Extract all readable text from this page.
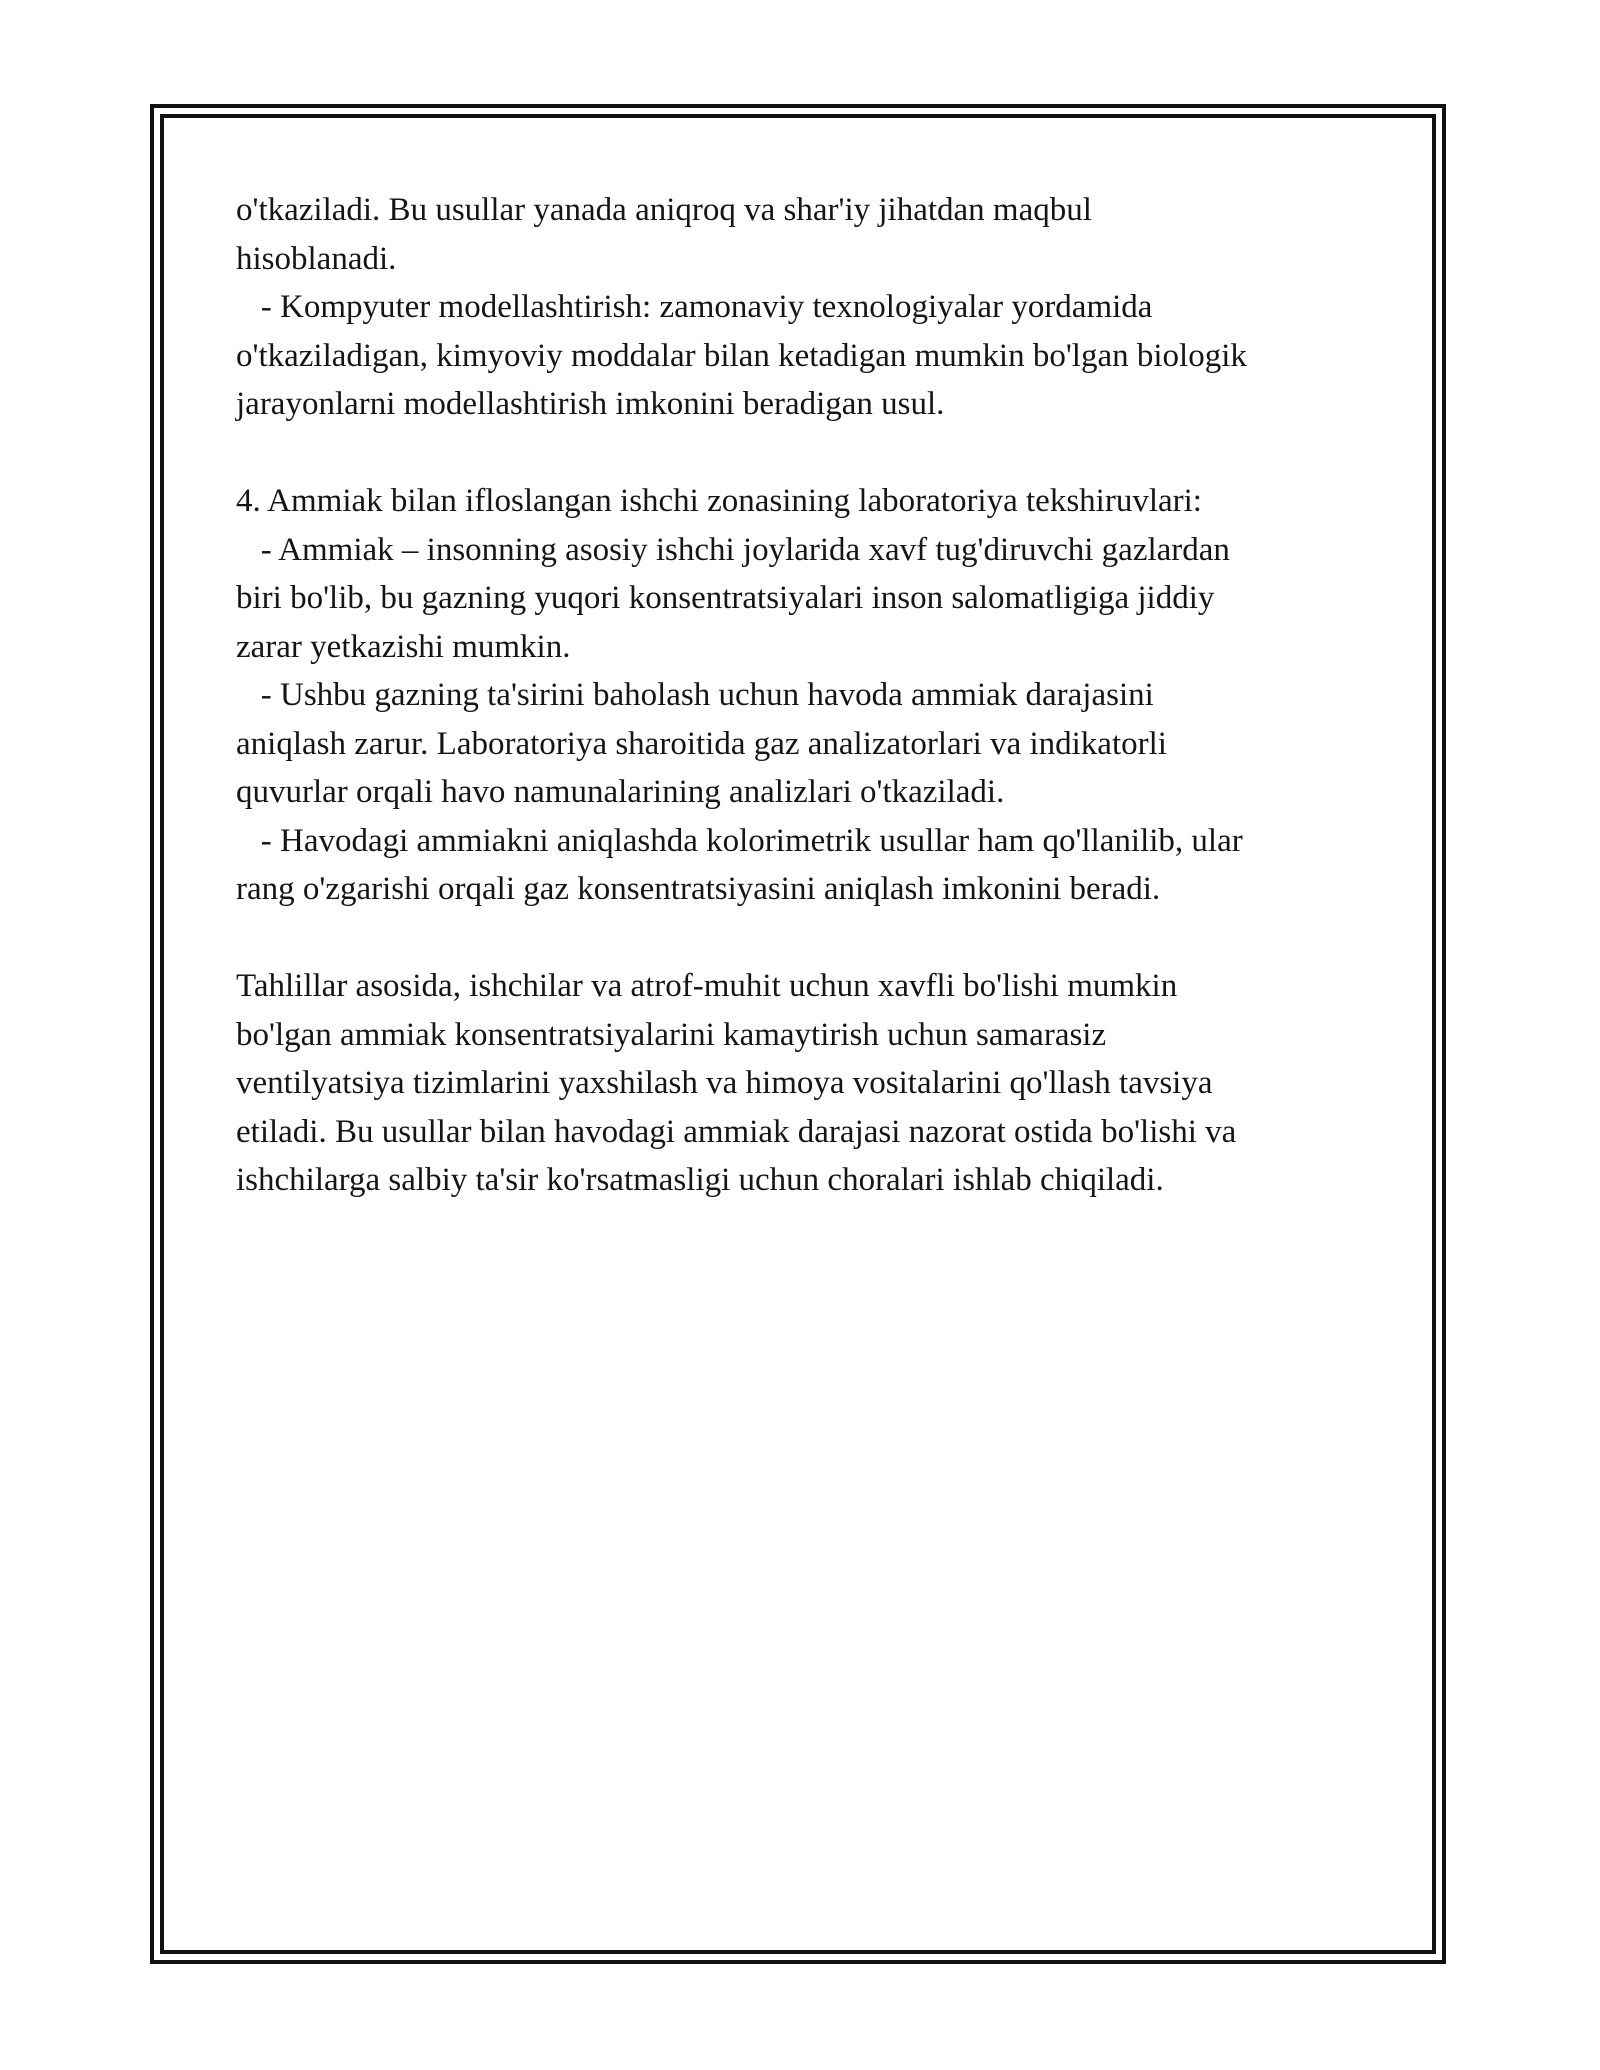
o'tkaziladi. Bu usullar yanada aniqroq va shar'iy jihatdan maqbul
hisoblanadi.
- Kompyuter modellashtirish: zamonaviy texnologiyalar yordamida
o'tkaziladigan, kimyoviy moddalar bilan ketadigan mumkin bo'lgan biologik
jarayonlarni modellashtirish imkonini beradigan usul.
4. Ammiak bilan ifloslangan ishchi zonasining laboratoriya tekshiruvlari:
- Ammiak – insonning asosiy ishchi joylarida xavf tug'diruvchi gazlardan
biri bo'lib, bu gazning yuqori konsentratsiyalari inson salomatligiga jiddiy
zarar yetkazishi mumkin.
- Ushbu gazning ta'sirini baholash uchun havoda ammiak darajasini
aniqlash zarur. Laboratoriya sharoitida gaz analizatorlari va indikatorli
quvurlar orqali havo namunalarining analizlari o'tkaziladi.
- Havodagi ammiakni aniqlashda kolorimetrik usullar ham qo'llanilib, ular
rang o'zgarishi orqali gaz konsentratsiyasini aniqlash imkonini beradi.
Tahlillar asosida, ishchilar va atrof-muhit uchun xavfli bo'lishi mumkin
bo'lgan ammiak konsentratsiyalarini kamaytirish uchun samarasiz
ventilyatsiya tizimlarini yaxshilash va himoya vositalarini qo'llash tavsiya
etiladi. Bu usullar bilan havodagi ammiak darajasi nazorat ostida bo'lishi va
ishchilarga salbiy ta'sir ko'rsatmasligi uchun choralari ishlab chiqiladi.
